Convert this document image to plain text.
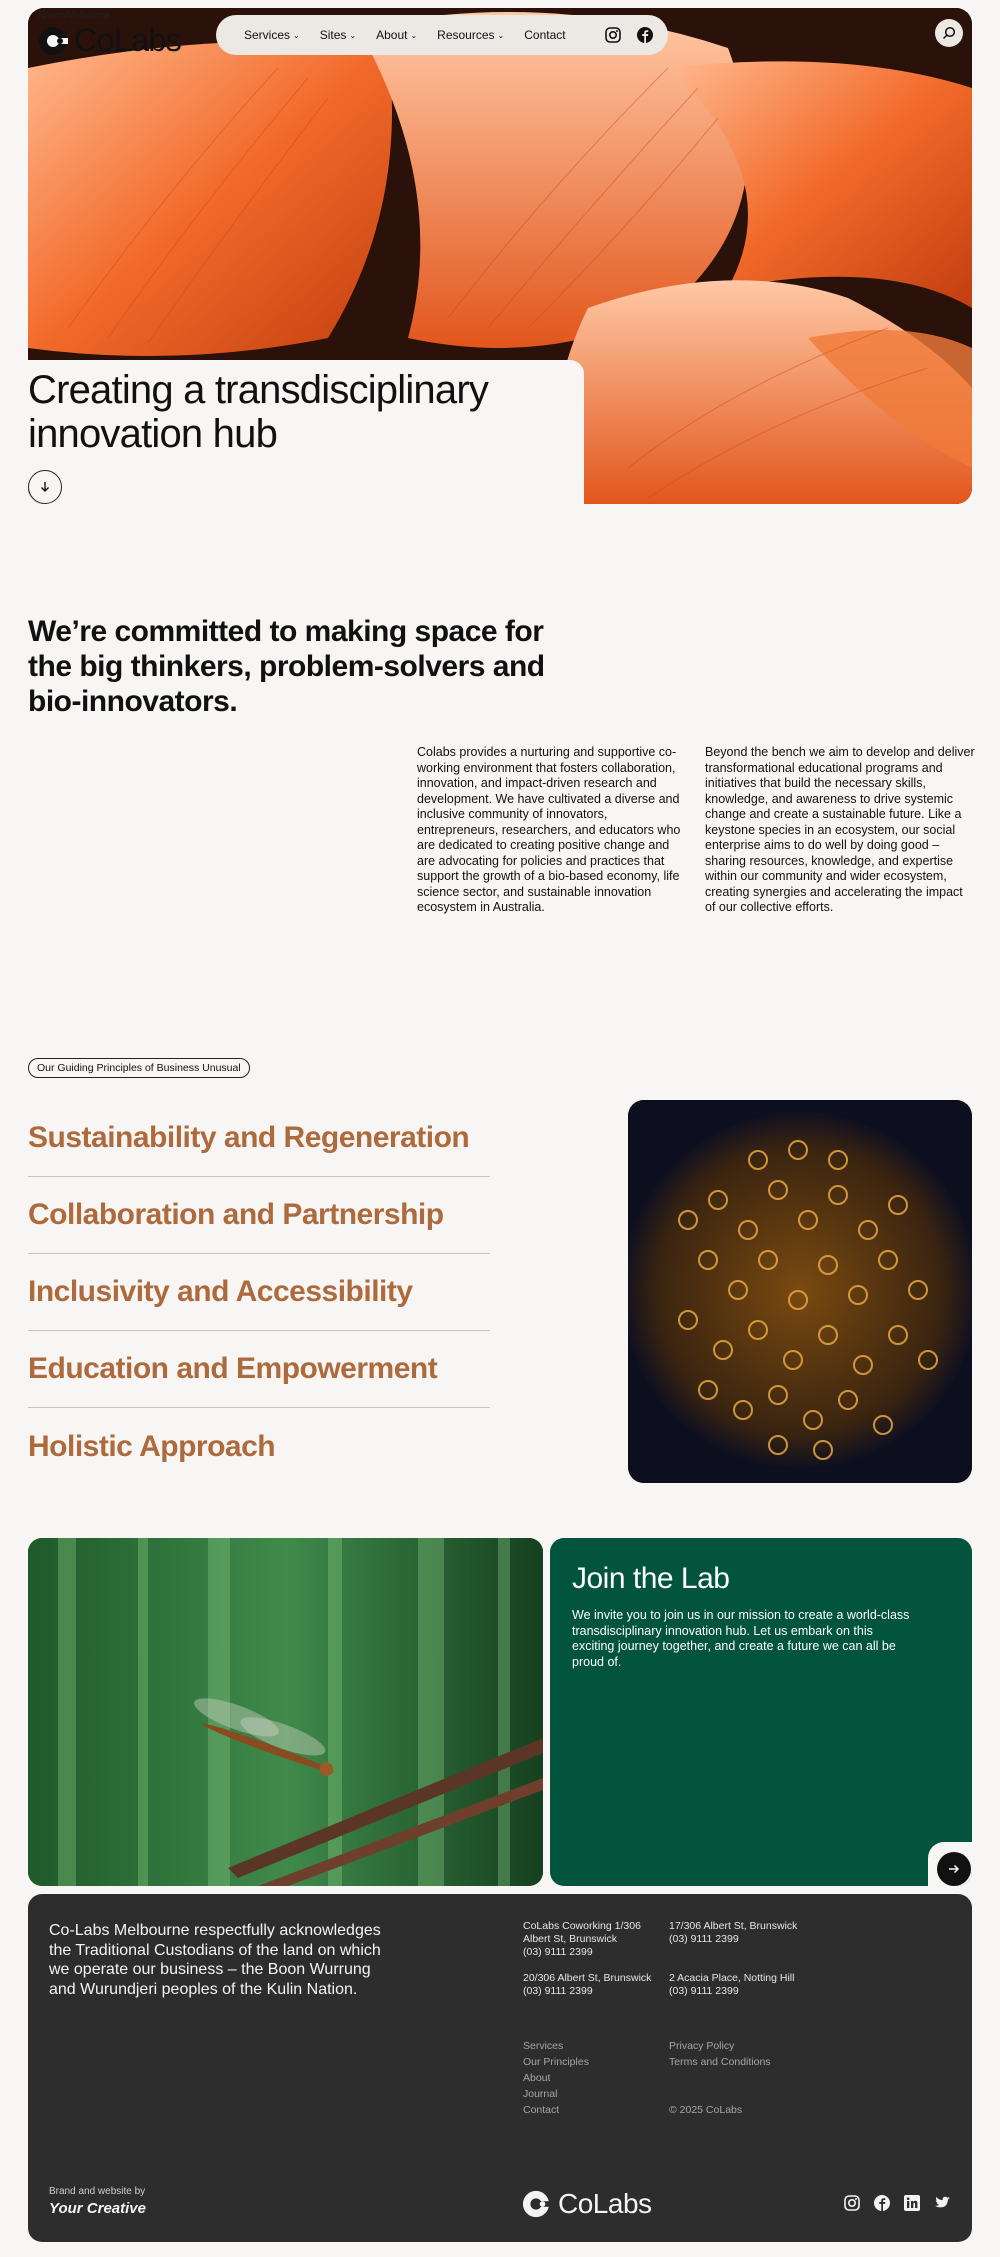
Naarm/Melbourne
CoLabs	Services ⌄ Sites ⌄ About ⌄ Resources ⌄ Contact
Creating a transdisciplinary innovation hub
We’re committed to making space for the big thinkers, problem-solvers and bio-innovators.

Colabs provides a nurturing and supportive co-working environment that fosters collaboration, innovation, and impact-driven research and development. We have cultivated a diverse and inclusive community of innovators, entrepreneurs, researchers, and educators who are dedicated to creating positive change and are advocating for policies and practices that support the growth of a bio-based economy, life science sector, and sustainable innovation ecosystem in Australia.

Beyond the bench we aim to develop and deliver transformational educational programs and initiatives that build the necessary skills, knowledge, and awareness to drive systemic change and create a sustainable future. Like a keystone species in an ecosystem, our social enterprise aims to do well by doing good – sharing resources, knowledge, and expertise within our community and wider ecosystem, creating synergies and accelerating the impact of our collective efforts.

Our Guiding Principles of Business Unusual
Sustainability and Regeneration
Collaboration and Partnership
Inclusivity and Accessibility
Education and Empowerment
Holistic Approach
Join the Lab

We invite you to join us in our mission to create a world-class transdisciplinary innovation hub. Let us embark on this exciting journey together, and create a future we can all be proud of.

Co-Labs Melbourne respectfully acknowledges the Traditional Custodians of the land on which we operate our business – the Boon Wurrung and Wurundjeri peoples of the Kulin Nation.

CoLabs Coworking 1/306 Albert St, Brunswick
(03) 9111 2399
17/306 Albert St, Brunswick
(03) 9111 2399
20/306 Albert St, Brunswick
(03) 9111 2399
2 Acacia Place, Notting Hill
(03) 9111 2399
Services
Our Principles
About
Journal
Contact
Privacy Policy
Terms and Conditions
© 2025 CoLabs
Brand and website by
Your Creative	CoLabs
